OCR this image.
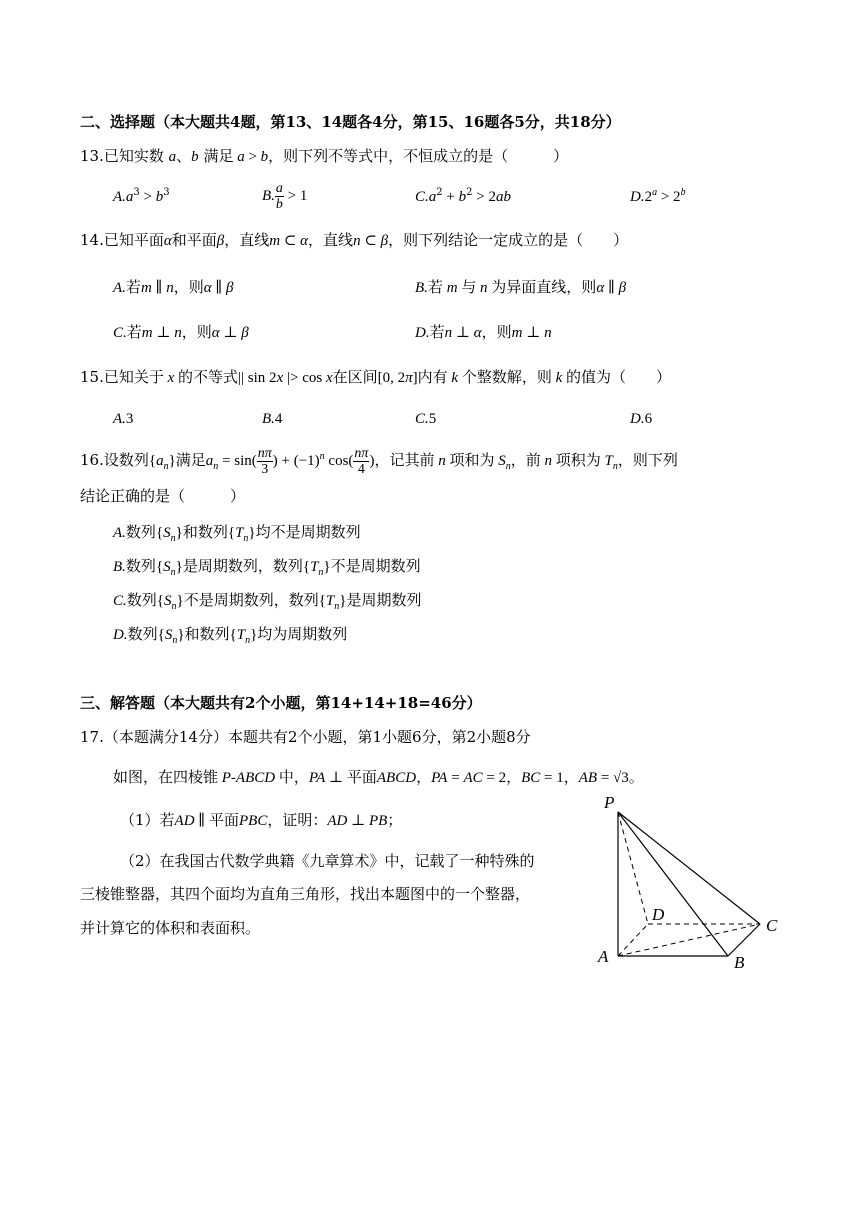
二、选择题（本大题共4题，第13、14题各4分，第15、16题各5分，共18分）
13.已知实数 a、b 满足 a > b，则下列不等式中，不恒成立的是（　　　）
$A.a^3 > b^3$	B. $\frac{a}{b} > 1$	$C.a^2 + b^2 > 2ab$	$D.2^a > 2^b$
14.已知平面α和平面β，直线m ⊂ α，直线n ⊂ β，则下列结论一定成立的是（　　）
A.若m ∥ n，则α ∥ β	B.若 m 与 n 为异面直线，则α ∥ β
C.若m ⊥ n，则α ⊥ β	D.若n ⊥ α，则m ⊥ n
15.已知关于 x 的不等式|| sin 2x |> cos x在区间[0, 2π]内有 k 个整数解，则 k 的值为（　　）
A.3	B.4	C.5	D.6
16.设数列$\{a_n\}$满足$a_n = \sin( \frac{n\pi}{3}$ ) + $(-1)^n$ $\cos( \frac{n\pi}{4}$ )，记其前 n 项和为 $S_n$，前 n 项积为 $T_n$，则下列
结论正确的是（　　　）
A.数列$\{S_n\}$和数列$\{T_n\}$均不是周期数列
B.数列$\{S_n\}$是周期数列，数列$\{T_n\}$不是周期数列
C.数列$\{S_n\}$不是周期数列，数列$\{T_n\}$是周期数列
D.数列$\{S_n\}$和数列$\{T_n\}$均为周期数列
三、解答题（本大题共有2个小题，第14+14+18=46分）
17.（本题满分14分）本题共有2个小题，第1小题6分，第2小题8分
如图，在四棱锥 P-ABCD 中，PA ⊥ 平面ABCD，PA = AC = 2，BC = 1，AB = √3。
（1）若AD ∥ 平面PBC，证明：AD ⊥ PB；
（2）在我国古代数学典籍《九章算术》中，记载了一种特殊的
三棱锥整器，其四个面均为直角三角形，找出本题图中的一个整器，
并计算它的体积和表面积。
P
A	B
C
D
